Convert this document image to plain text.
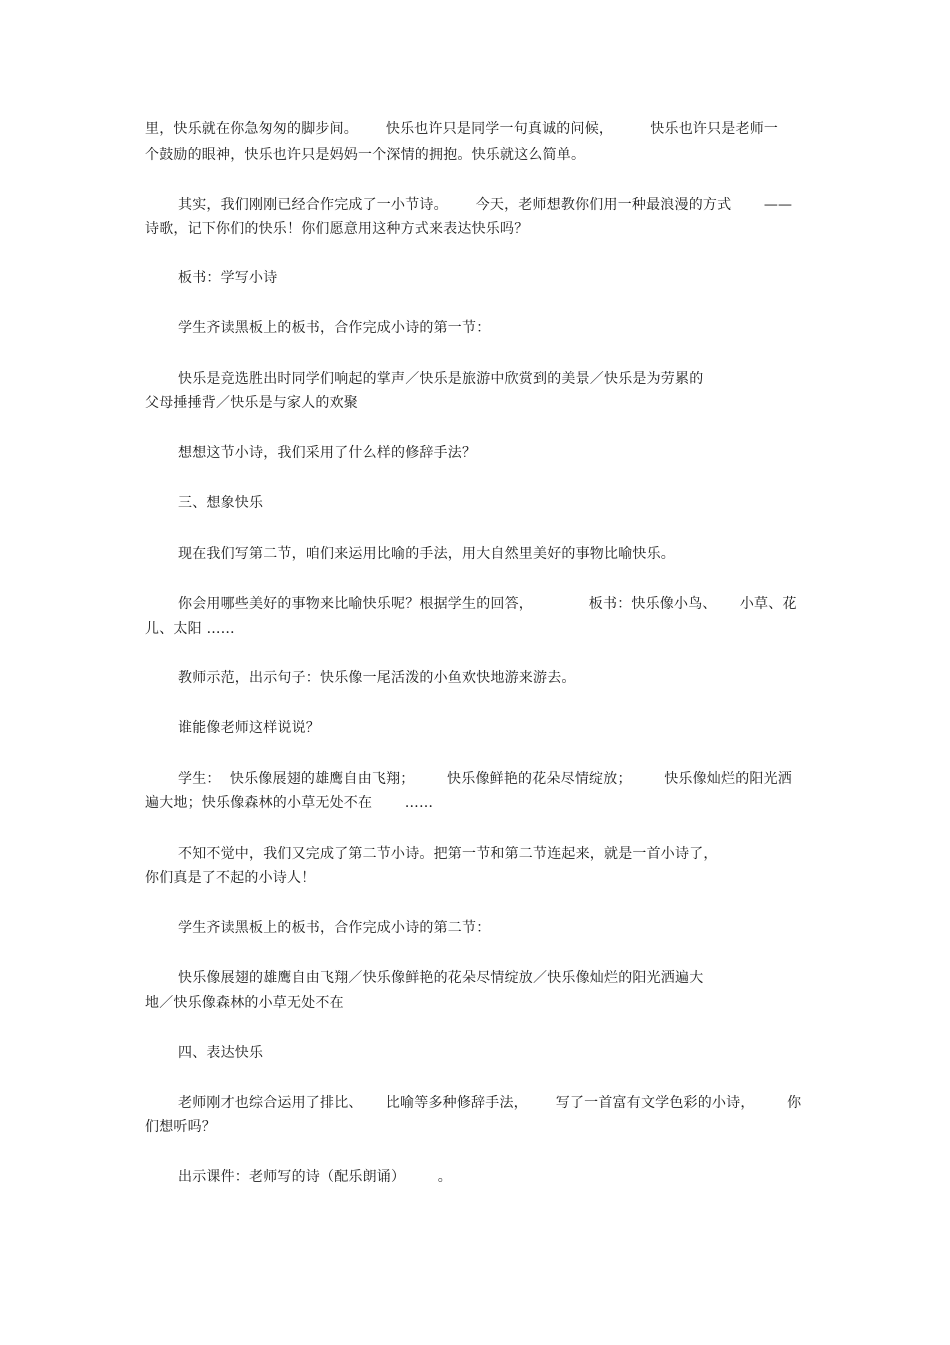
里，快乐就在你急匆匆的脚步间。      快乐也许只是同学一句真诚的问候，        快乐也许只是老师一
个鼓励的眼神，快乐也许只是妈妈一个深情的拥抱。快乐就这么简单。
其实，我们刚刚已经合作完成了一小节诗。      今天，老师想教你们用一种最浪漫的方式       ——
诗歌，记下你们的快乐！你们愿意用这种方式来表达快乐吗？
板书：学写小诗
学生齐读黑板上的板书，合作完成小诗的第一节：
快乐是竞选胜出时同学们响起的掌声／快乐是旅游中欣赏到的美景／快乐是为劳累的
父母捶捶背／快乐是与家人的欢聚
想想这节小诗，我们采用了什么样的修辞手法？
三、想象快乐
现在我们写第二节，咱们来运用比喻的手法，用大自然里美好的事物比喻快乐。
你会用哪些美好的事物来比喻快乐呢？根据学生的回答，            板书：快乐像小鸟、     小草、花
儿、太阳 ……
教师示范，出示句子：快乐像一尾活泼的小鱼欢快地游来游去。
谁能像老师这样说说？
学生：  快乐像展翅的雄鹰自由飞翔；       快乐像鲜艳的花朵尽情绽放；       快乐像灿烂的阳光洒
遍大地；快乐像森林的小草无处不在       ……
不知不觉中，我们又完成了第二节小诗。把第一节和第二节连起来，就是一首小诗了，
你们真是了不起的小诗人！
学生齐读黑板上的板书，合作完成小诗的第二节：
快乐像展翅的雄鹰自由飞翔／快乐像鲜艳的花朵尽情绽放／快乐像灿烂的阳光洒遍大
地／快乐像森林的小草无处不在
四、表达快乐
老师刚才也综合运用了排比、     比喻等多种修辞手法，      写了一首富有文学色彩的小诗，       你
们想听吗？
出示课件：老师写的诗（配乐朗诵）       。
